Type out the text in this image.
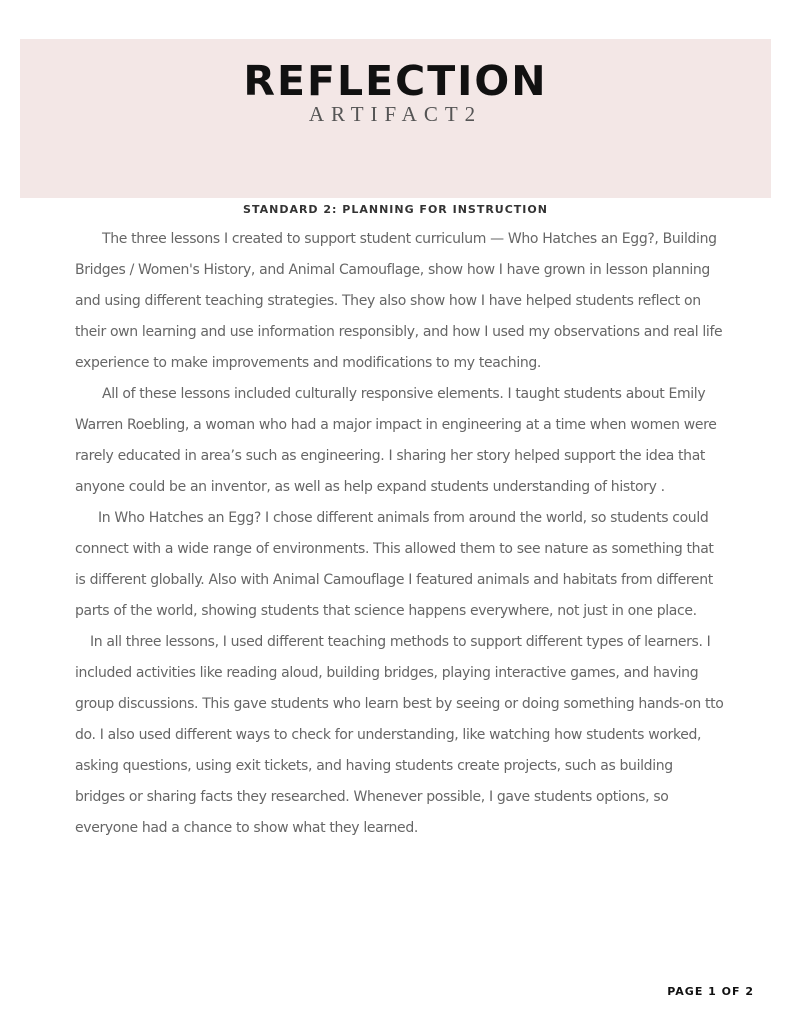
REFLECTION
ARTIFACT2
STANDARD 2: PLANNING FOR INSTRUCTION

The three lessons I created to support student curriculum — Who Hatches an Egg?, Building Bridges / Women's History, and Animal Camouflage, show how I have grown in lesson planning and using different teaching strategies. They also show how I have helped students reflect on their own learning and use information responsibly, and how I used my observations and real life experience to make improvements and modifications to my teaching.

All of these lessons included culturally responsive elements. I taught students about Emily Warren Roebling, a woman who had a major impact in engineering at a time when women were rarely educated in area’s such as engineering. I sharing her story helped support the idea that anyone could be an inventor, as well as help expand students understanding of history .

In Who Hatches an Egg? I chose different animals from around the world, so students could connect with a wide range of environments. This allowed them to see nature as something that is different globally. Also with Animal Camouflage I featured animals and habitats from different parts of the world, showing students that science happens everywhere, not just in one place.

In all three lessons, I used different teaching methods to support different types of learners. I included activities like reading aloud, building bridges, playing interactive games, and having group discussions. This gave students who learn best by seeing or doing something hands-on tto do. I also used different ways to check for understanding, like watching how students worked, asking questions, using exit tickets, and having students create projects, such as building bridges or sharing facts they researched. Whenever possible, I gave students options, so everyone had a chance to show what they learned.

PAGE 1 OF 2
